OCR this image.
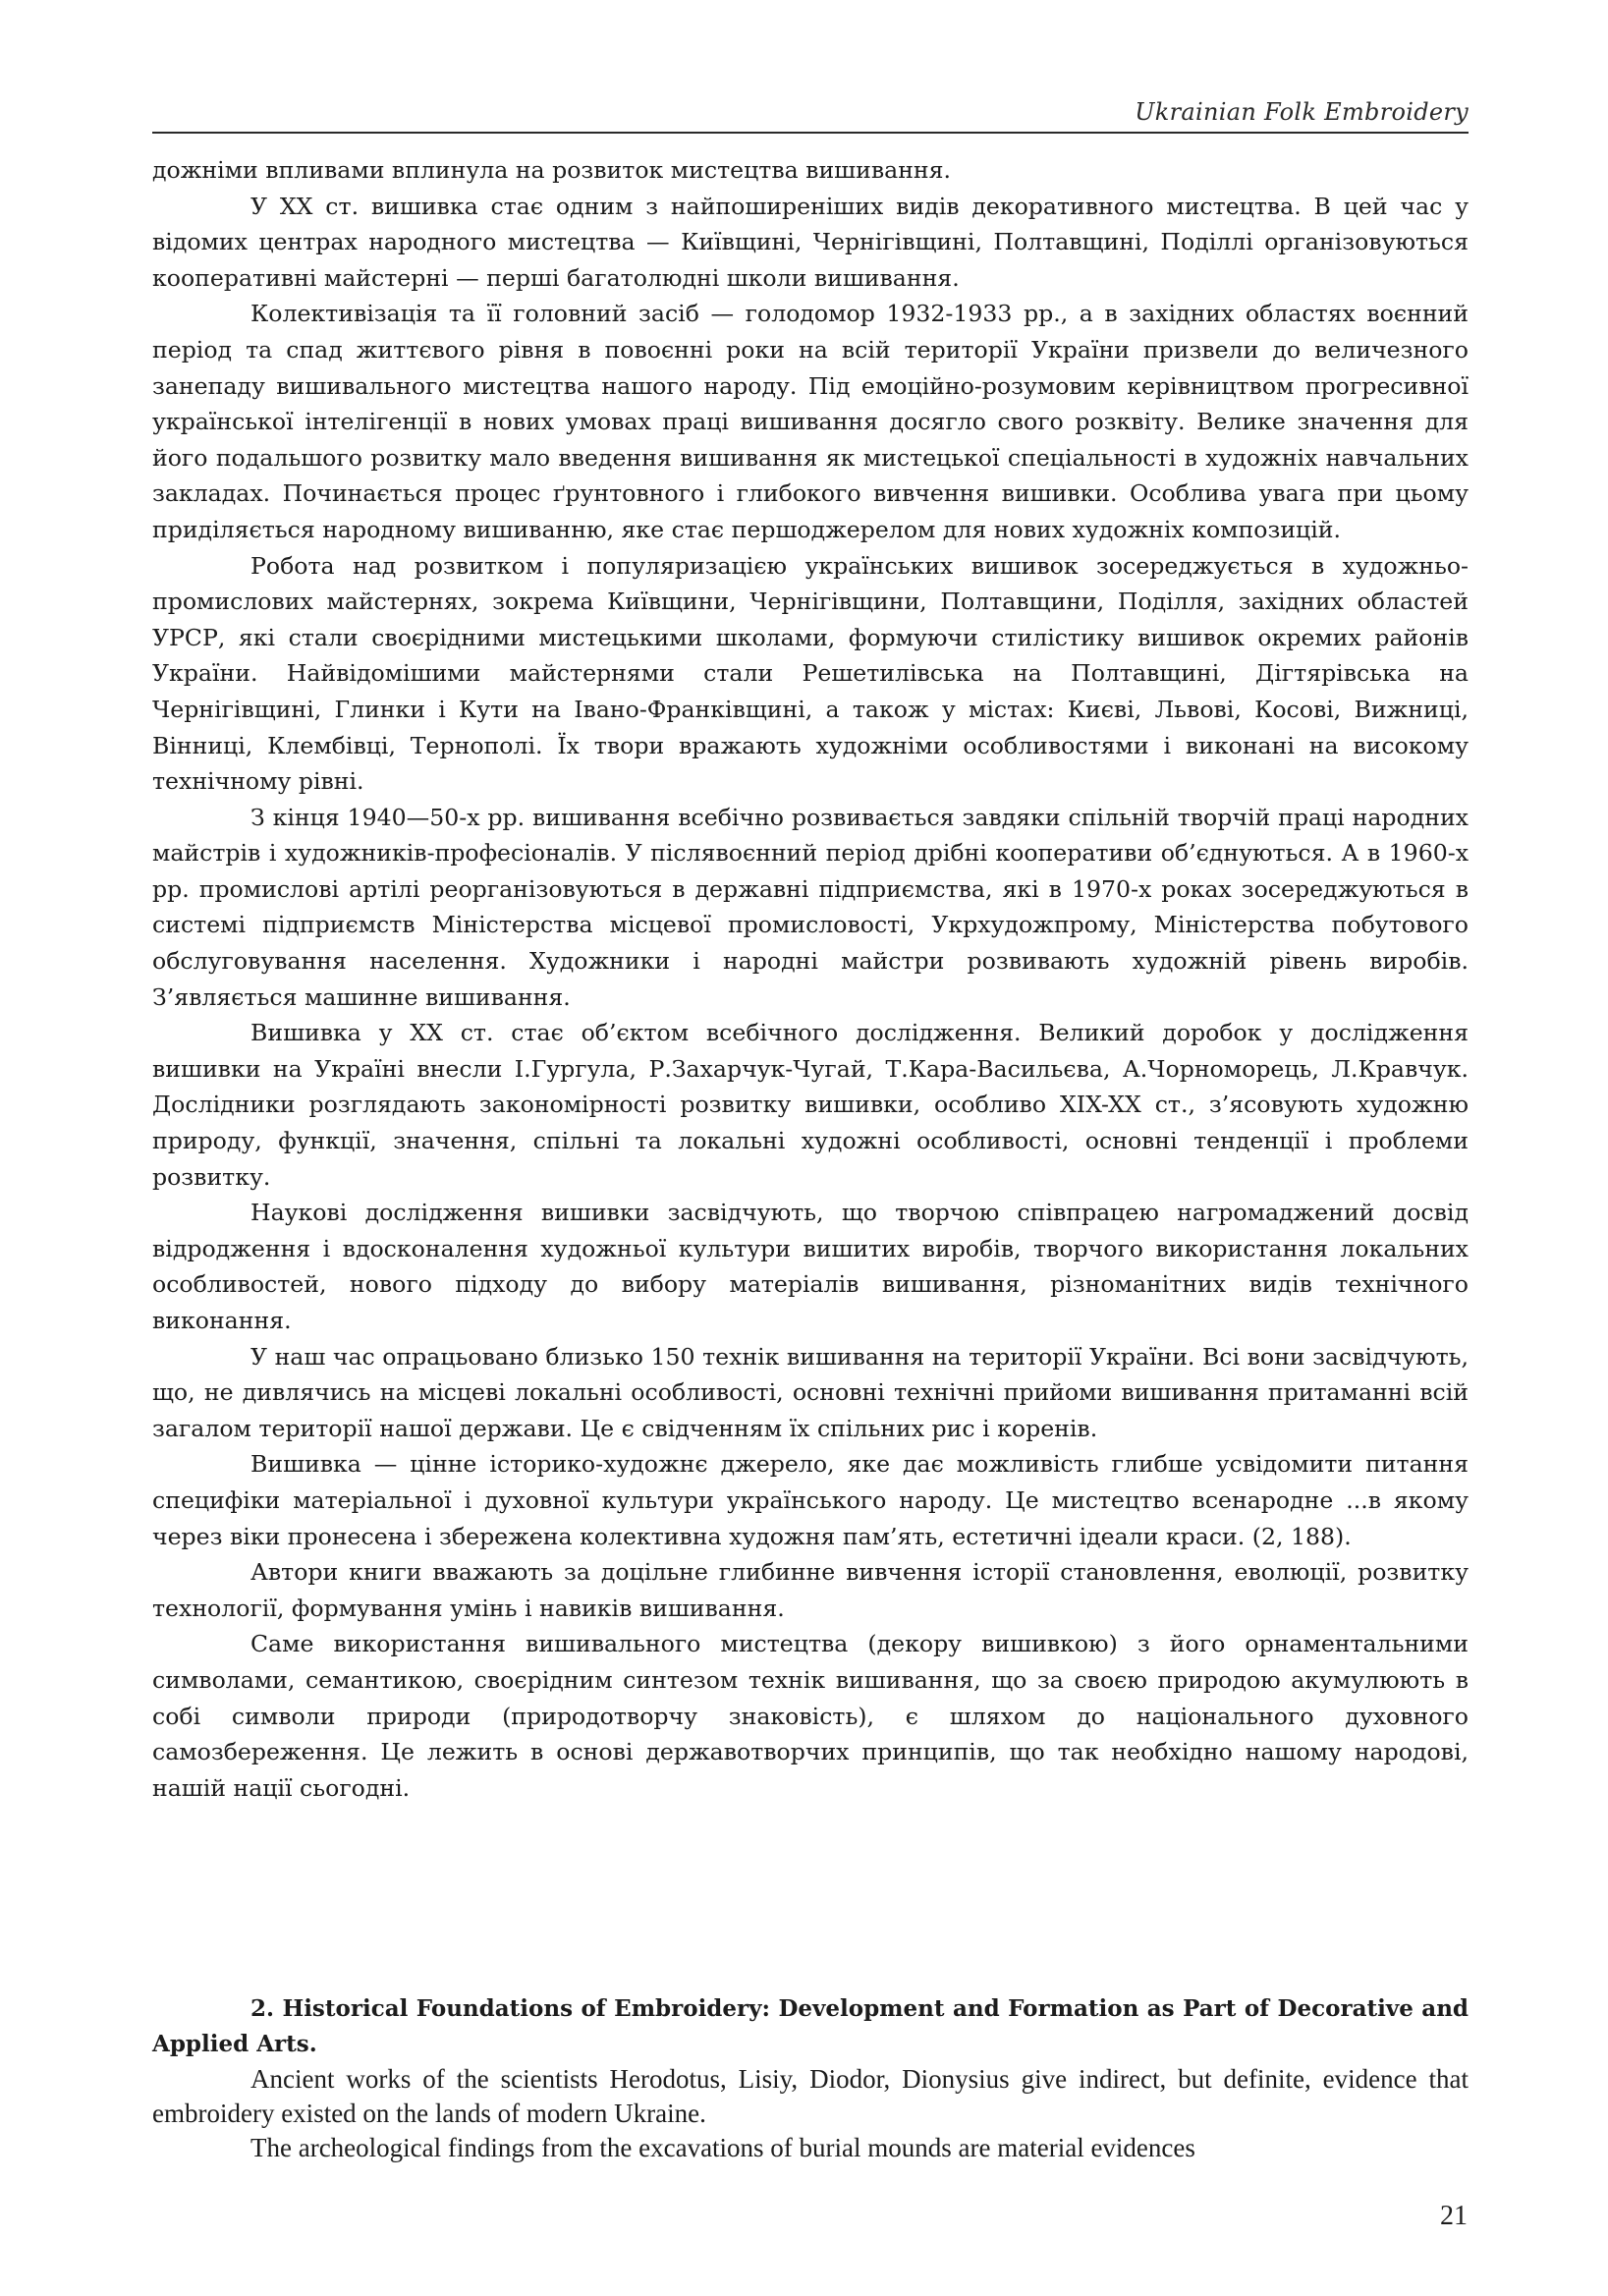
Ukrainian Folk Embroidery

дожніми впливами вплинула на розвиток мистецтва вишивання.

У XX ст. вишивка стає одним з найпоширеніших видів декоративного мистецтва. В цей час у відомих центрах народного мистецтва — Київщині, Чернігівщині, Полтавщині, Поділлі організовуються кооперативні майстерні — перші багатолюдні школи вишивання.

Колективізація та її головний засіб — голодомор 1932-1933 рр., а в західних областях воєнний період та спад життєвого рівня в повоєнні роки на всій території України призвели до величезного занепаду вишивального мистецтва нашого народу. Під емоційно-розумовим керівництвом прогресивної української інтелігенції в нових умовах праці вишивання досягло свого розквіту. Велике значення для його подальшого розвитку мало введення вишивання як мистецької спеціальності в художніх навчальних закладах. Починається процес ґрунтовного і глибокого вивчення вишивки. Особлива увага при цьому приділяється народному вишиванню, яке стає першоджерелом для нових художніх композицій.

Робота над розвитком і популяризацією українських вишивок зосереджується в художньо-промислових майстернях, зокрема Київщини, Чернігівщини, Полтавщини, Поділля, західних областей УРСР, які стали своєрідними мистецькими школами, формуючи стилістику вишивок окремих районів України. Найвідомішими майстернями стали Решетилівська на Полтавщині, Дігтярівська на Чернігівщині, Глинки і Кути на Івано-Франківщині, а також у містах: Києві, Львові, Косові, Вижниці, Вінниці, Клембівці, Тернополі. Їх твори вражають художніми особливостями і виконані на високому технічному рівні.

З кінця 1940—50-х рр. вишивання всебічно розвивається завдяки спільній творчій праці народних майстрів і художників-професіоналів. У післявоєнний період дрібні кооперативи об’єднуються. А в 1960-х рр. промислові артілі реорганізовуються в державні підприємства, які в 1970-х роках зосереджуються в системі підприємств Міністерства місцевої промисловості, Укрхудожпрому, Міністерства побутового обслуговування населення. Художники і народні майстри розвивають художній рівень виробів. З’являється машинне вишивання.

Вишивка у XX ст. стає об’єктом всебічного дослідження. Великий доробок у дослідження вишивки на Україні внесли І.Гургула, Р.Захарчук-Чугай, Т.Кара-Васильєва, А.Чорноморець, Л.Кравчук. Дослідники розглядають закономірності розвитку вишивки, особливо XIX-XX ст., з’ясовують художню природу, функції, значення, спільні та локальні художні особливості, основні тенденції і проблеми розвитку.

Наукові дослідження вишивки засвідчують, що творчою співпрацею нагромаджений досвід відродження і вдосконалення художньої культури вишитих виробів, творчого використання локальних особливостей, нового підходу до вибору матеріалів вишивання, різноманітних видів технічного виконання.

У наш час опрацьовано близько 150 технік вишивання на території України. Всі вони засвідчують, що, не дивлячись на місцеві локальні особливості, основні технічні прийоми вишивання притаманні всій загалом території нашої держави. Це є свідченням їх спільних рис і коренів.

Вишивка — цінне історико-художнє джерело, яке дає можливість глибше усвідомити питання специфіки матеріальної і духовної культури українського народу. Це мистецтво всенародне ...в якому через віки пронесена і збережена колективна художня пам’ять, естетичні ідеали краси. (2, 188).

Автори книги вважають за доцільне глибинне вивчення історії становлення, еволюції, розвитку технології, формування умінь і навиків вишивання.

Саме використання вишивального мистецтва (декору вишивкою) з його орнаментальними символами, семантикою, своєрідним синтезом технік вишивання, що за своєю природою акумулюють в собі символи природи (природотворчу знаковість), є шляхом до національного духовного самозбереження. Це лежить в основі державотворчих принципів, що так необхідно нашому народові, нашій нації сьогодні.

2. Historical Foundations of Embroidery: Development and Formation as Part of Decorative and Applied Arts.

Ancient works of the scientists Herodotus, Lisiy, Diodor, Dionysius give indirect, but definite, evidence that embroidery existed on the lands of modern Ukraine.

The archeological findings from the excavations of burial mounds are material evidences

21
